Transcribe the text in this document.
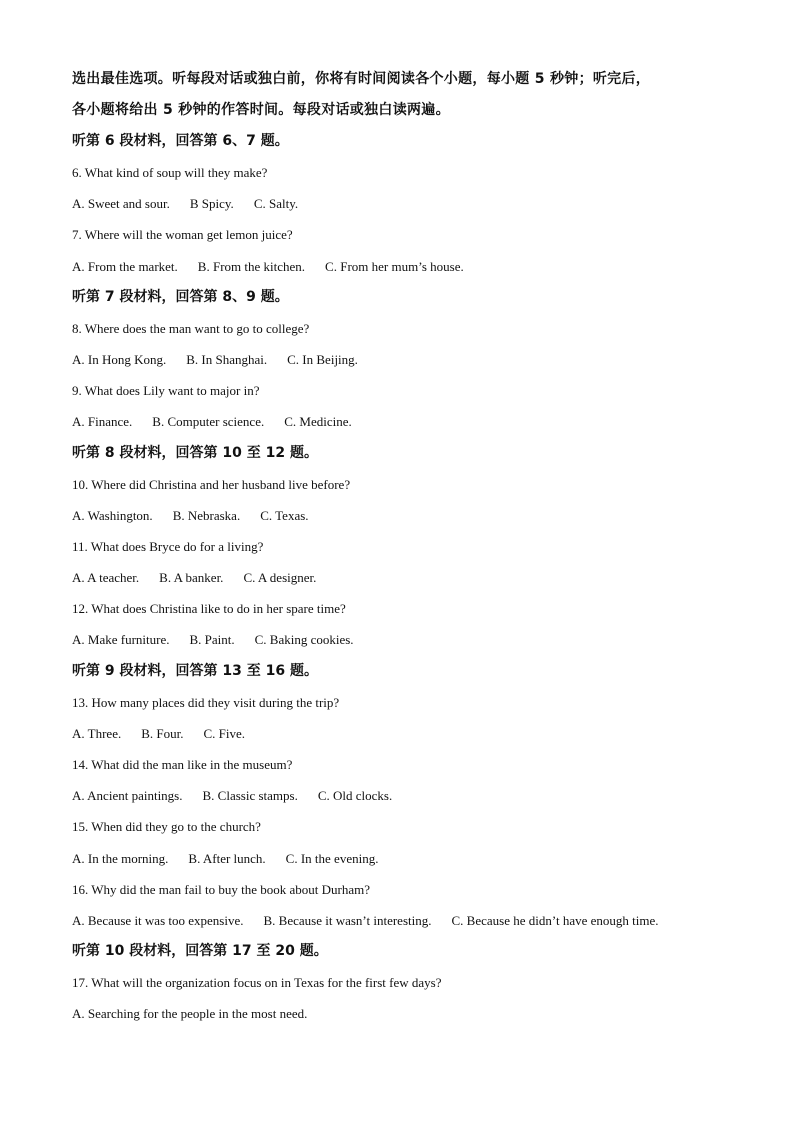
选出最佳选项。听每段对话或独白前，你将有时间阅读各个小题，每小题 5 秒钟；听完后，

各小题将给出 5 秒钟的作答时间。每段对话或独白读两遍。

听第 6 段材料，回答第 6、7 题。

6. What kind of soup will they make?

A. Sweet and sour. B Spicy. C. Salty.

7. Where will the woman get lemon juice?

A. From the market. B. From the kitchen. C. From her mum’s house.

听第 7 段材料，回答第 8、9 题。

8. Where does the man want to go to college?

A. In Hong Kong. B. In Shanghai. C. In Beijing.

9. What does Lily want to major in?

A. Finance. B. Computer science. C. Medicine.

听第 8 段材料，回答第 10 至 12 题。

10. Where did Christina and her husband live before?

A. Washington. B. Nebraska. C. Texas.

11. What does Bryce do for a living?

A. A teacher. B. A banker. C. A designer.

12. What does Christina like to do in her spare time?

A. Make furniture. B. Paint. C. Baking cookies.

听第 9 段材料，回答第 13 至 16 题。

13. How many places did they visit during the trip?

A. Three. B. Four. C. Five.

14. What did the man like in the museum?

A. Ancient paintings. B. Classic stamps. C. Old clocks.

15. When did they go to the church?

A. In the morning. B. After lunch. C. In the evening.

16. Why did the man fail to buy the book about Durham?

A. Because it was too expensive. B. Because it wasn’t interesting. C. Because he didn’t have enough time.

听第 10 段材料，回答第 17 至 20 题。

17. What will the organization focus on in Texas for the first few days?

A. Searching for the people in the most need.
